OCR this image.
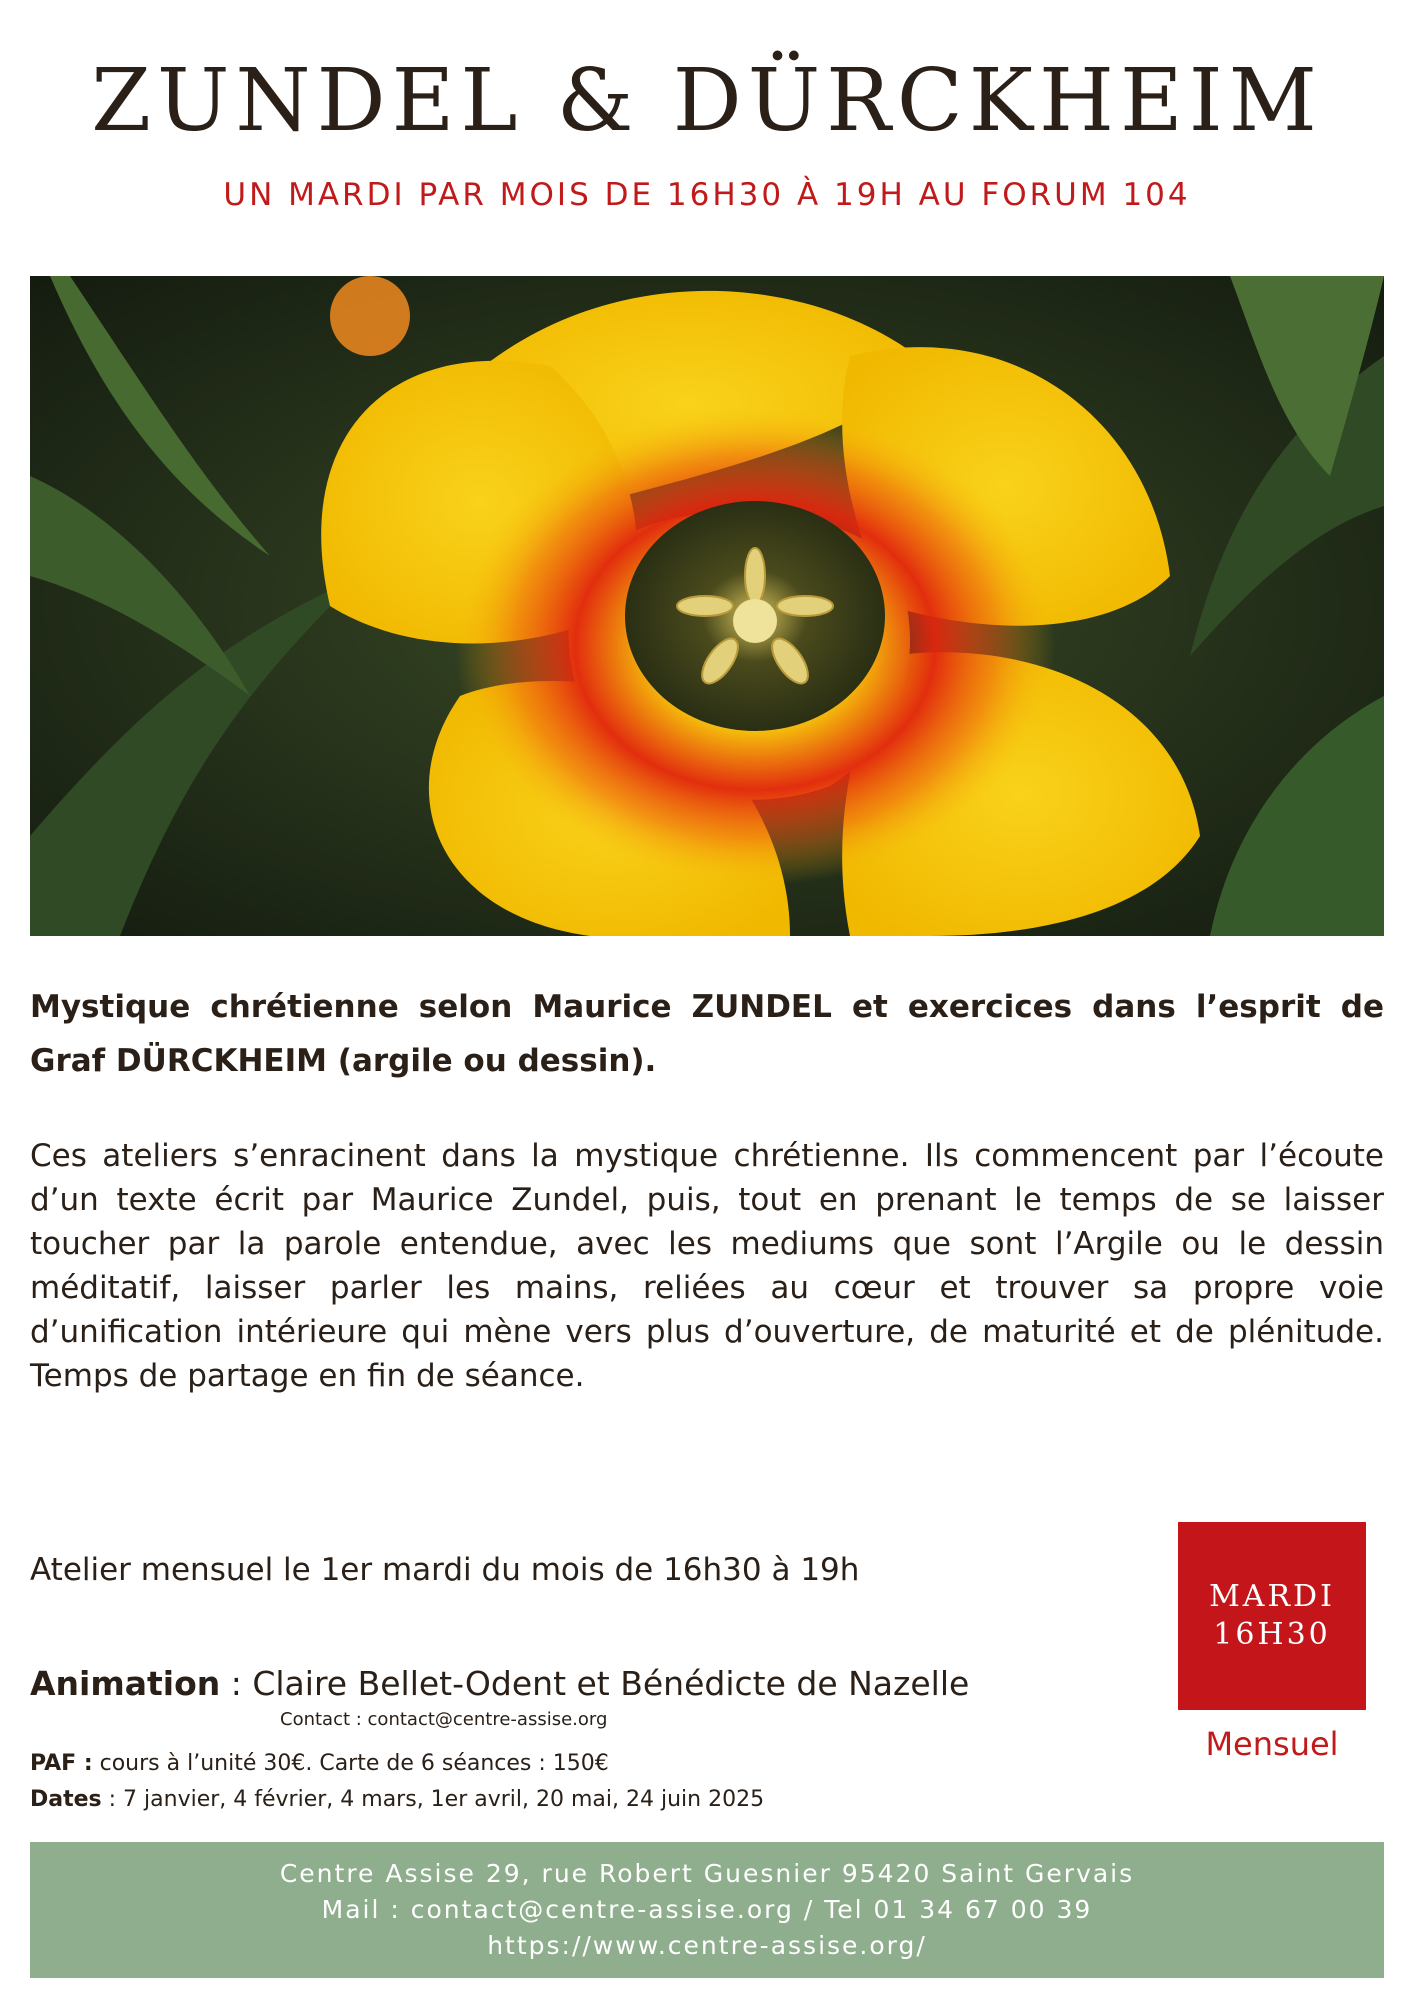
ZUNDEL & DÜRCKHEIM
UN MARDI PAR MOIS DE 16H30 À 19H AU FORUM 104
Mystique chrétienne selon Maurice ZUNDEL et exercices dans l’esprit de Graf DÜRCKHEIM (argile ou dessin).
Ces ateliers s’enracinent dans la mystique chrétienne. Ils commencent par l’écoute d’un texte écrit par Maurice Zundel, puis, tout en prenant le temps de se laisser toucher par la parole entendue, avec les mediums que sont l’Argile ou le dessin méditatif, laisser parler les mains, reliées au cœur et trouver sa propre voie d’unification intérieure qui mène vers plus d’ouverture, de maturité et de plénitude. Temps de partage en fin de séance.
Atelier mensuel le 1er mardi du mois de 16h30 à 19h
Animation : Claire Bellet-Odent et Bénédicte de Nazelle
Contact : contact@centre-assise.org
PAF : cours à l’unité 30€. Carte de 6 séances : 150€
Dates : 7 janvier, 4 février, 4 mars, 1er avril, 20 mai, 24 juin 2025
MARDI
16H30
Mensuel
Centre Assise 29, rue Robert Guesnier 95420 Saint Gervais
Mail : contact@centre-assise.org / Tel 01 34 67 00 39
https://www.centre-assise.org/
